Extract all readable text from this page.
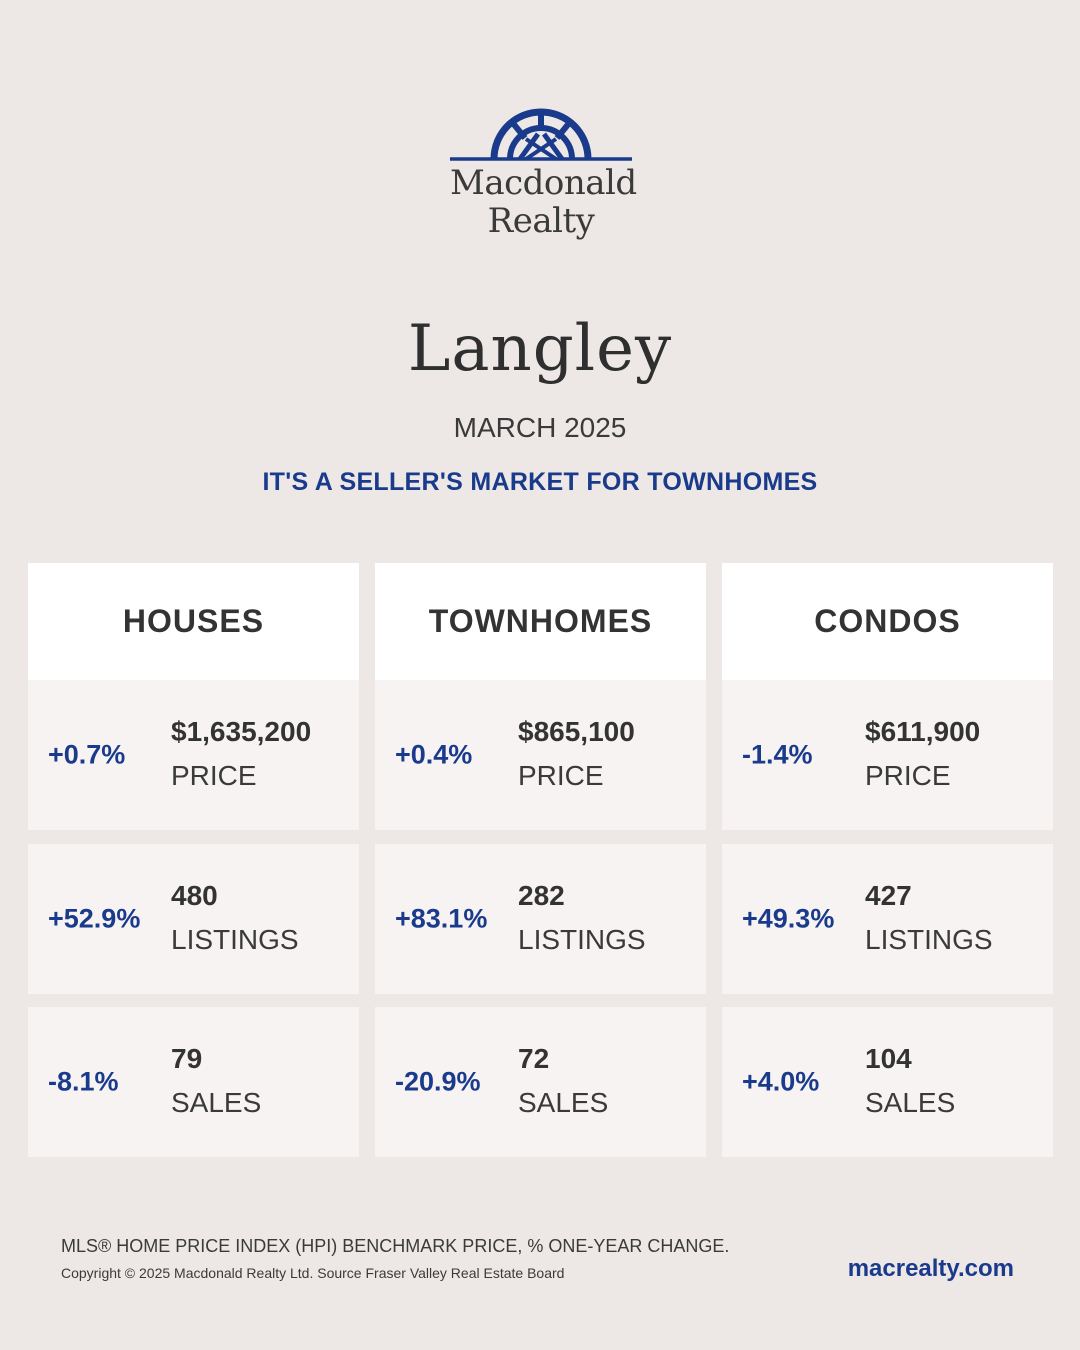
Macdonald
Realty
Langley
MARCH 2025
IT'S A SELLER'S MARKET FOR TOWNHOMES
HOUSES
+0.7%
$1,635,200
PRICE
+52.9%
480
LISTINGS
-8.1%
79
SALES
TOWNHOMES
+0.4%
$865,100
PRICE
+83.1%
282
LISTINGS
-20.9%
72
SALES
CONDOS
-1.4%
$611,900
PRICE
+49.3%
427
LISTINGS
+4.0%
104
SALES
MLS® HOME PRICE INDEX (HPI) BENCHMARK PRICE, % ONE-YEAR CHANGE.
Copyright © 2025 Macdonald Realty Ltd. Source Fraser Valley Real Estate Board	macrealty.com
